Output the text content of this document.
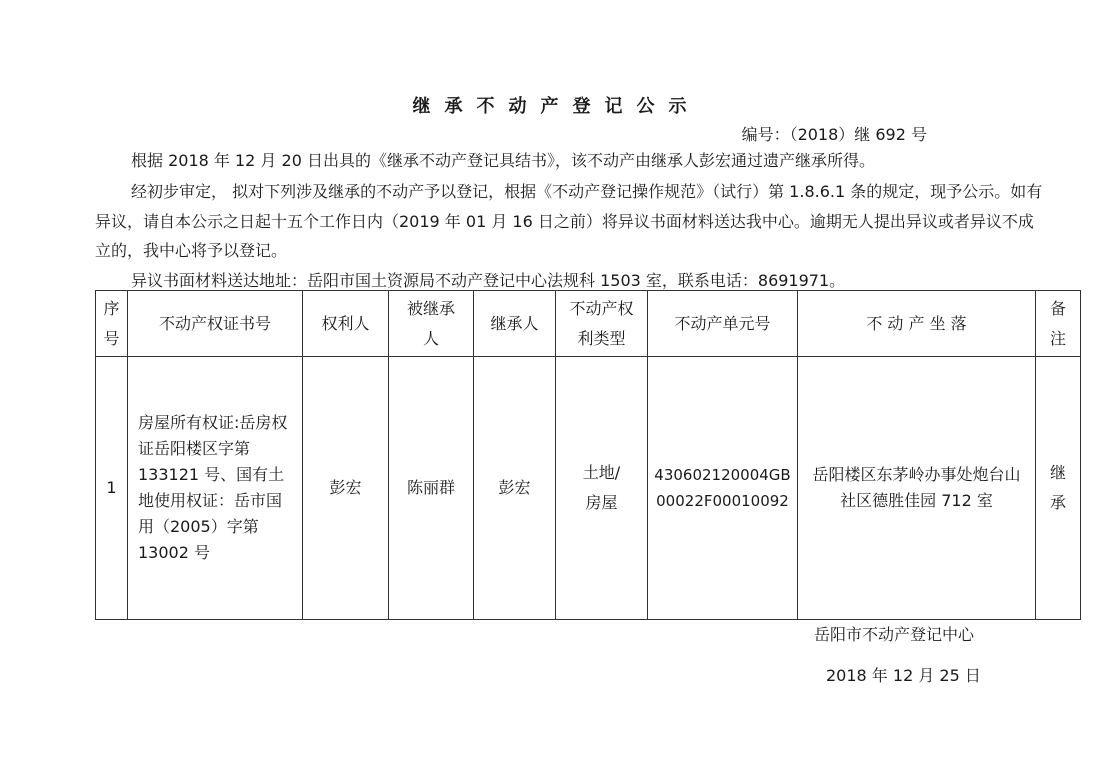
继承不动产登记公示
编号：（2018）继 692 号
根据 2018 年 12 月 20 日出具的《继承不动产登记具结书》，该不动产由继承人彭宏通过遗产继承所得。
经初步审定， 拟对下列涉及继承的不动产予以登记，根据《不动产登记操作规范》（试行）第 1.8.6.1 条的规定，现予公示。如有异议，请自本公示之日起十五个工作日内（2019 年 01 月 16 日之前）将异议书面材料送达我中心。逾期无人提出异议或者异议不成立的，我中心将予以登记。
异议书面材料送达地址：岳阳市国土资源局不动产登记中心法规科 1503 室，联系电话：8691971。
序号	不动产权证书号	权利人	被继承人	继承人	不动产权利类型	不动产单元号	不 动 产 坐 落	备注
1	房屋所有权证:岳房权证岳阳楼区字第 133121 号、国有土地使用权证：岳市国用（2005）字第 13002 号	彭宏	陈丽群	彭宏	土地/房屋	430602120004GB00022F00010092	岳阳楼区东茅岭办事处炮台山社区德胜佳园 712 室	继承
岳阳市不动产登记中心
2018 年 12 月 25 日
